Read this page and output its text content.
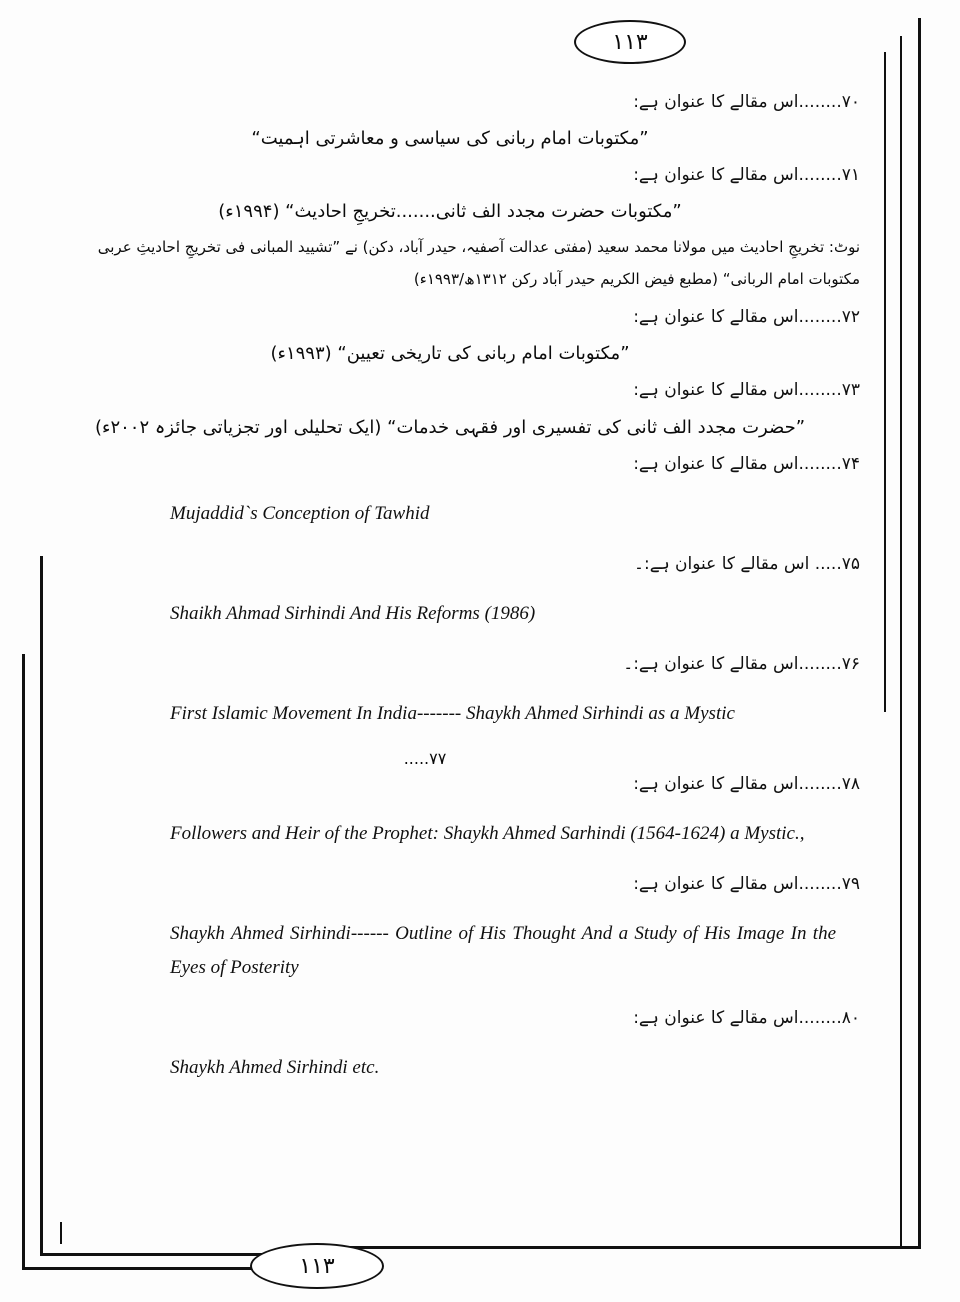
۱۱۳
۱۱۳
۷۰........اس مقالے کا عنوان ہے:
”مکتوبات امام ربانی کی سیاسی و معاشرتی اہمیت“
۷۱........اس مقالے کا عنوان ہے:
”مکتوبات حضرت مجدد الف ثانی.......تخریجِ احادیث“ (۱۹۹۴ء)
نوٹ: تخریجِ احادیث میں مولانا محمد سعید (مفتی عدالت آصفیہ، حیدر آباد، دکن) نے ”تشیید المبانی فی تخریجِ احادیثِ عربی مکتوبات امام الربانی“ (مطبع فیض الکریم حیدر آباد رکن ۱۳۱۲ھ/۱۹۹۳ء)
۷۲........اس مقالے کا عنوان ہے:
”مکتوبات امام ربانی کی تاریخی تعیین“ (۱۹۹۳ء)
۷۳........اس مقالے کا عنوان ہے:
”حضرت مجدد الف ثانی کی تفسیری اور فقہی خدمات“ (ایک تحلیلی اور تجزیاتی جائزہ ۲۰۰۲ء)
۷۴........اس مقالے کا عنوان ہے:
Mujaddid`s Conception of Tawhid
۷۵..... اس مقالے کا عنوان ہے:۔
Shaikh Ahmad Sirhindi And His Reforms (1986)
۷۶........اس مقالے کا عنوان ہے:۔
First Islamic Movement In India------- Shaykh Ahmed Sirhindi as a Mystic
۷۷.....
۷۸........اس مقالے کا عنوان ہے:
Followers and Heir of the Prophet: Shaykh Ahmed Sarhindi (1564-1624) a Mystic.,
۷۹........اس مقالے کا عنوان ہے:
Shaykh Ahmed Sirhindi------ Outline of His Thought And a Study of His Image In the Eyes of Posterity
۸۰........اس مقالے کا عنوان ہے:
Shaykh Ahmed Sirhindi etc.
